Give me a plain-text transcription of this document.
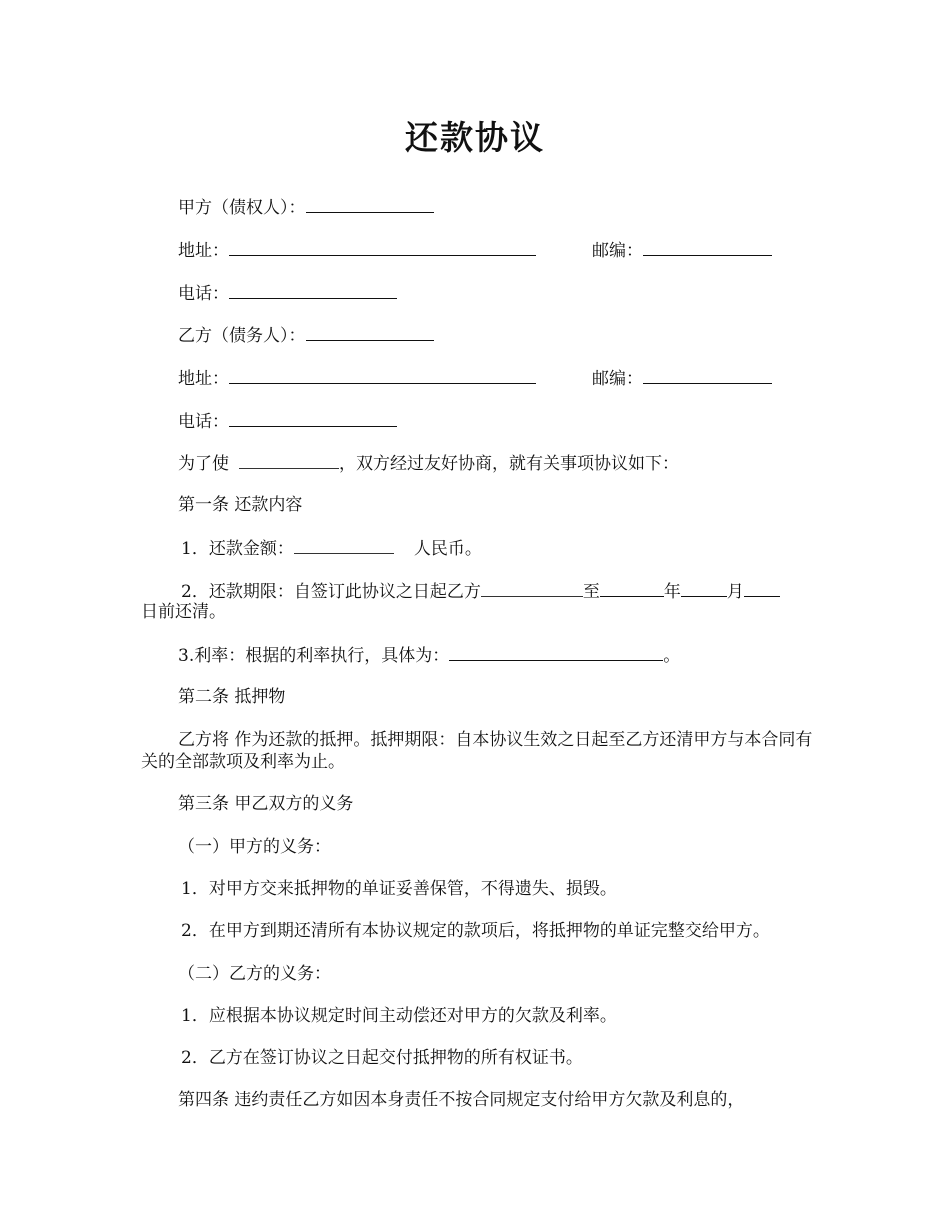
还款协议
甲方（债权人）：
地址：	邮编：
电话：
乙方（债务人）：
地址：	邮编：
电话：
为了使	，双方经过友好协商，就有关事项协议如下：
第一条 还款内容
1．还款金额：	人民币。
2．还款期限：自签订此协议之日起乙方	至	年	月
日前还清。
3.利率：根据的利率执行，具体为：	。
第二条 抵押物
乙方将 作为还款的抵押。抵押期限：自本协议生效之日起至乙方还清甲方与本合同有关的全部款项及利率为止。
第三条 甲乙双方的义务
（一）甲方的义务：
1．对甲方交来抵押物的单证妥善保管，不得遗失、损毁。
2．在甲方到期还清所有本协议规定的款项后，将抵押物的单证完整交给甲方。
（二）乙方的义务：
1．应根据本协议规定时间主动偿还对甲方的欠款及利率。
2．乙方在签订协议之日起交付抵押物的所有权证书。
第四条 违约责任乙方如因本身责任不按合同规定支付给甲方欠款及利息的，
